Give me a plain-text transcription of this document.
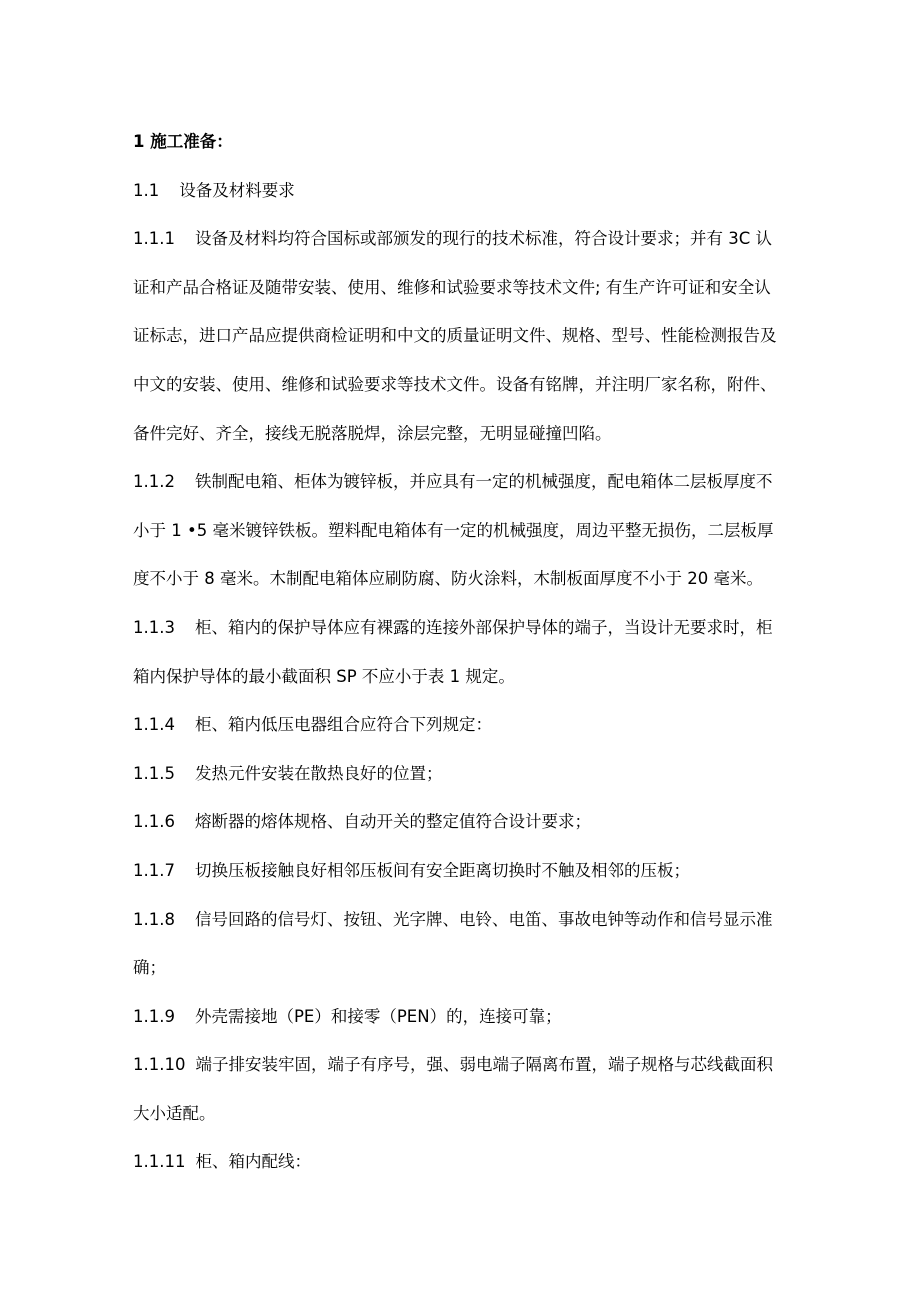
1 施工准备：

1.1 设备及材料要求

1.1.1 设备及材料均符合国标或部颁发的现行的技术标准，符合设计要求；并有 3C 认

证和产品合格证及随带安装、使用、维修和试验要求等技术文件; 有生产许可证和安全认

证标志，进口产品应提供商检证明和中文的质量证明文件、规格、型号、性能检测报告及

中文的安装、使用、维修和试验要求等技术文件。设备有铭牌，并注明厂家名称，附件、

备件完好、齐全，接线无脱落脱焊，涂层完整，无明显碰撞凹陷。

1.1.2 铁制配电箱、柜体为镀锌板，并应具有一定的机械强度，配电箱体二层板厚度不

小于 1 •5 毫米镀锌铁板。塑料配电箱体有一定的机械强度，周边平整无损伤，二层板厚

度不小于 8 毫米。木制配电箱体应刷防腐、防火涂料，木制板面厚度不小于 20 毫米。

1.1.3 柜、箱内的保护导体应有裸露的连接外部保护导体的端子，当设计无要求时，柜

箱内保护导体的最小截面积 SP 不应小于表 1 规定。

1.1.4 柜、箱内低压电器组合应符合下列规定：

1.1.5 发热元件安装在散热良好的位置；

1.1.6 熔断器的熔体规格、自动开关的整定值符合设计要求；

1.1.7 切换压板接触良好相邻压板间有安全距离切换时不触及相邻的压板；

1.1.8 信号回路的信号灯、按钮、光字牌、电铃、电笛、事故电钟等动作和信号显示准

确；

1.1.9 外壳需接地（PE）和接零（PEN）的，连接可靠；

1.1.10 端子排安装牢固，端子有序号，强、弱电端子隔离布置，端子规格与芯线截面积

大小适配。

1.1.11 柜、箱内配线：
